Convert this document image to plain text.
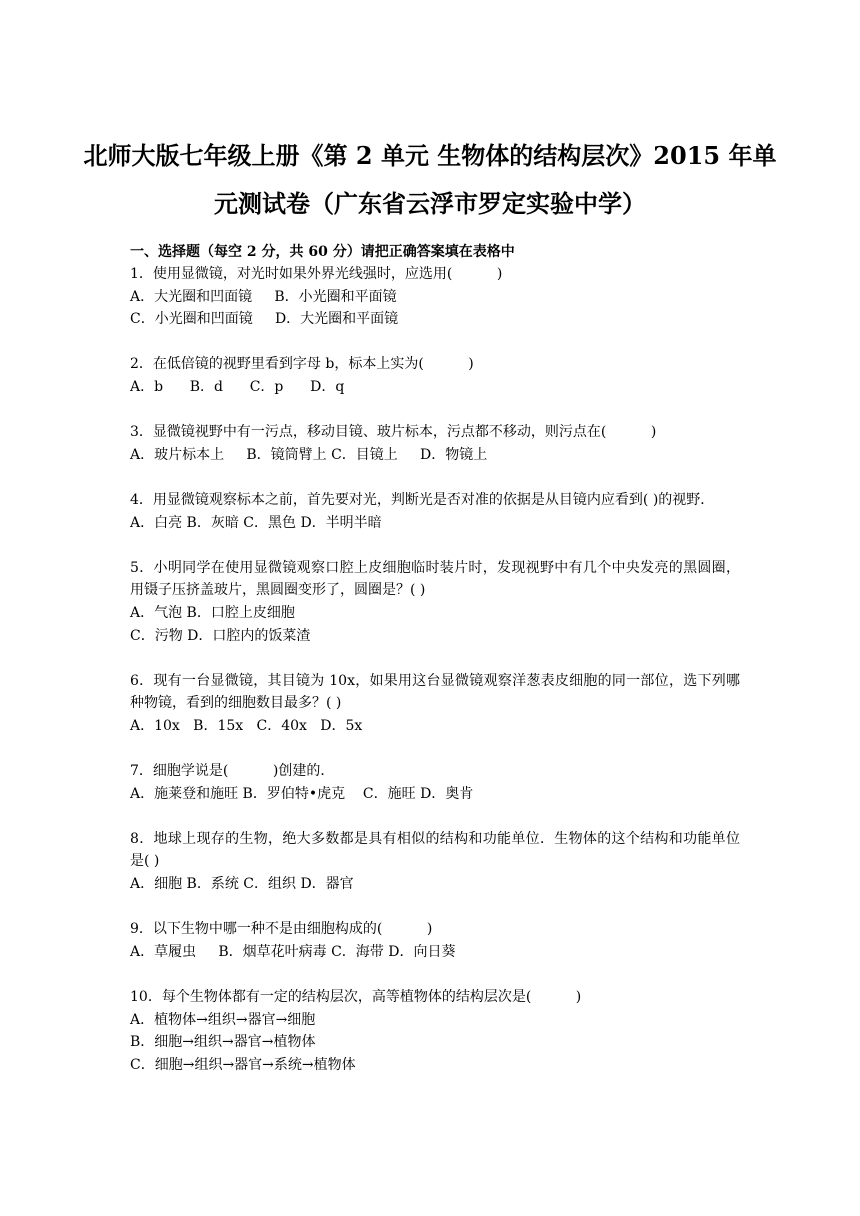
北师大版七年级上册《第 2 单元 生物体的结构层次》2015 年单
元测试卷（广东省云浮市罗定实验中学）
一、选择题（每空 2 分，共 60 分）请把正确答案填在表格中
1．使用显微镜，对光时如果外界光线强时，应选用(          )
A．大光圈和凹面镜     B．小光圈和平面镜
C．小光圈和凹面镜     D．大光圈和平面镜
2．在低倍镜的视野里看到字母 b，标本上实为(          )
A．b      B．d      C．p      D．q
3．显微镜视野中有一污点，移动目镜、玻片标本，污点都不移动，则污点在(          )
A．玻片标本上     B．镜筒臂上 C．目镜上     D．物镜上
4．用显微镜观察标本之前，首先要对光，判断光是否对准的依据是从目镜内应看到( )的视野．
A．白亮 B．灰暗 C．黑色 D．半明半暗
5．小明同学在使用显微镜观察口腔上皮细胞临时装片时，发现视野中有几个中央发亮的黑圆圈，用镊子压挤盖玻片，黑圆圈变形了，圆圈是？( )
A．气泡 B．口腔上皮细胞
C．污物 D．口腔内的饭菜渣
6．现有一台显微镜，其目镜为 10x，如果用这台显微镜观察洋葱表皮细胞的同一部位，选下列哪种物镜，看到的细胞数目最多？( )
A．10x   B．15x   C．40x   D．5x
7．细胞学说是(          )创建的．
A．施莱登和施旺 B．罗伯特•虎克    C．施旺 D．奥肯
8．地球上现存的生物，绝大多数都是具有相似的结构和功能单位．生物体的这个结构和功能单位是( )
A．细胞 B．系统 C．组织 D．器官
9．以下生物中哪一种不是由细胞构成的(          )
A．草履虫     B．烟草花叶病毒 C．海带 D．向日葵
10．每个生物体都有一定的结构层次，高等植物体的结构层次是(          )
A．植物体→组织→器官→细胞
B．细胞→组织→器官→植物体
C．细胞→组织→器官→系统→植物体
